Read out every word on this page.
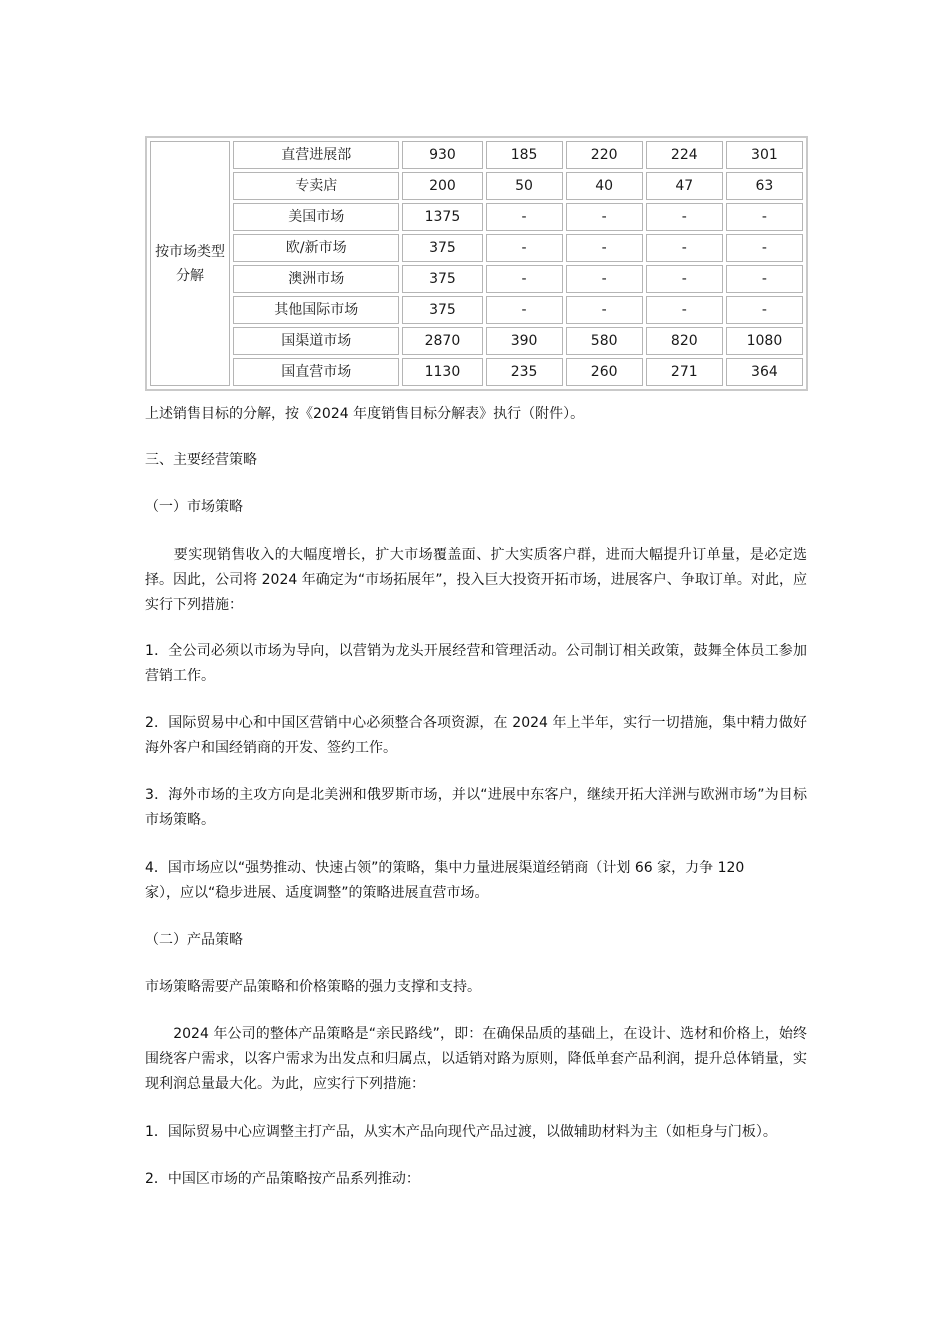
按市场类型
分解	直营进展部	930	185	220	224	301
	专卖店	200	50	40	47	63
	美国市场	1375	-	-	-	-
	欧/新市场	375	-	-	-	-
	澳洲市场	375	-	-	-	-
	其他国际市场	375	-	-	-	-
	国渠道市场	2870	390	580	820	1080
	国直营市场	1130	235	260	271	364
上述销售目标的分解，按《2024 年度销售目标分解表》执行（附件）。
三、主要经营策略
（一）市场策略

　　要实现销售收入的大幅度增长，扩大市场覆盖面、扩大实质客户群，进而大幅提升订单量，是必定选择。因此，公司将 2024 年确定为“市场拓展年”，投入巨大投资开拓市场，进展客户、争取订单。对此，应实行下列措施：

1．全公司必须以市场为导向，以营销为龙头开展经营和管理活动。公司制订相关政策，鼓舞全体员工参加营销工作。

2．国际贸易中心和中国区营销中心必须整合各项资源，在 2024 年上半年，实行一切措施，集中精力做好海外客户和国经销商的开发、签约工作。

3．海外市场的主攻方向是北美洲和俄罗斯市场，并以“进展中东客户，继续开拓大洋洲与欧洲市场”为目标市场策略。

4．国市场应以“强势推动、快速占领”的策略，集中力量进展渠道经销商（计划 66 家，力争 120
家），应以“稳步进展、适度调整”的策略进展直营市场。
（二）产品策略
市场策略需要产品策略和价格策略的强力支撑和支持。

　　2024 年公司的整体产品策略是“亲民路线”，即：在确保品质的基础上，在设计、选材和价格上，始终围绕客户需求，以客户需求为出发点和归属点，以适销对路为原则，降低单套产品利润，提升总体销量，实现利润总量最大化。为此，应实行下列措施：

1．国际贸易中心应调整主打产品，从实木产品向现代产品过渡，以做辅助材料为主（如柜身与门板）。

2．中国区市场的产品策略按产品系列推动：
